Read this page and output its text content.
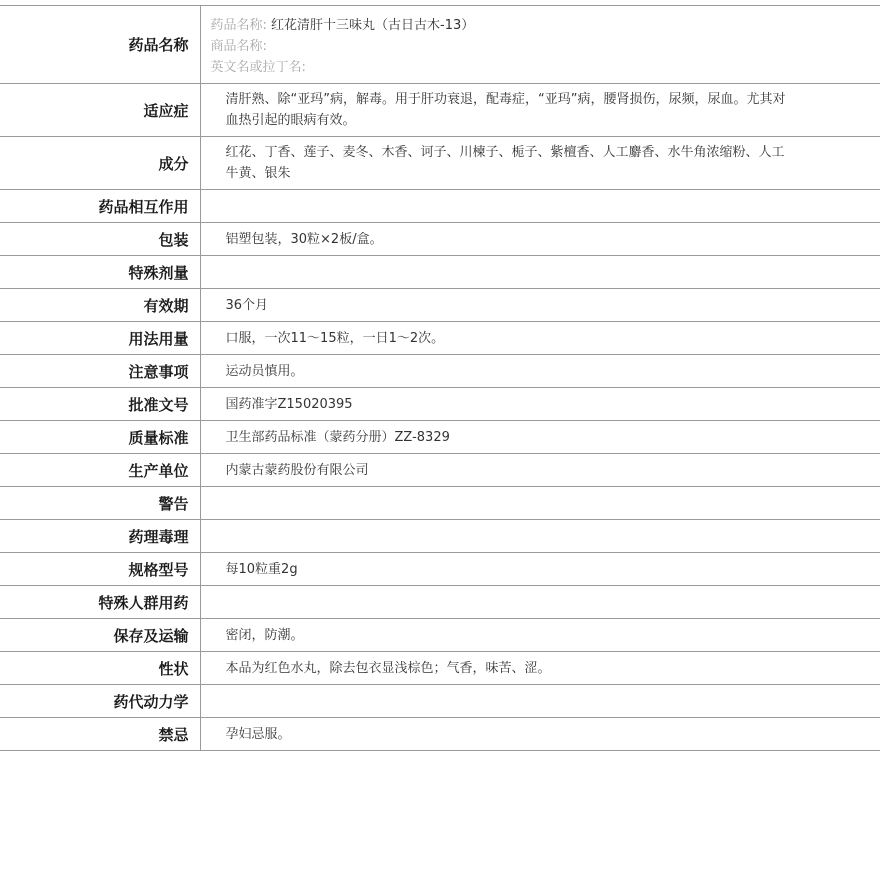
药品名称	药品名称: 红花清肝十三味丸（古日古木-13）
商品名称:
英文名或拉丁名:

适应症	清肝熟、除“亚玛”病，解毒。用于肝功衰退，配毒症，“亚玛”病，腰肾损伤，尿频，尿血。尤其对血热引起的眼病有效。
成分	红花、丁香、莲子、麦冬、木香、诃子、川楝子、栀子、紫檀香、人工麝香、水牛角浓缩粉、人工牛黄、银朱
药品相互作用	
包装	铝塑包装，30粒×2板/盒。
特殊剂量	
有效期	36个月
用法用量	口服，一次11～15粒，一日1～2次。
注意事项	运动员慎用。
批准文号	国药准字Z15020395
质量标准	卫生部药品标准（蒙药分册）ZZ-8329
生产单位	内蒙古蒙药股份有限公司
警告	
药理毒理	
规格型号	每10粒重2g
特殊人群用药	
保存及运输	密闭，防潮。
性状	本品为红色水丸，除去包衣显浅棕色；气香，味苦、涩。
药代动力学	
禁忌	孕妇忌服。
